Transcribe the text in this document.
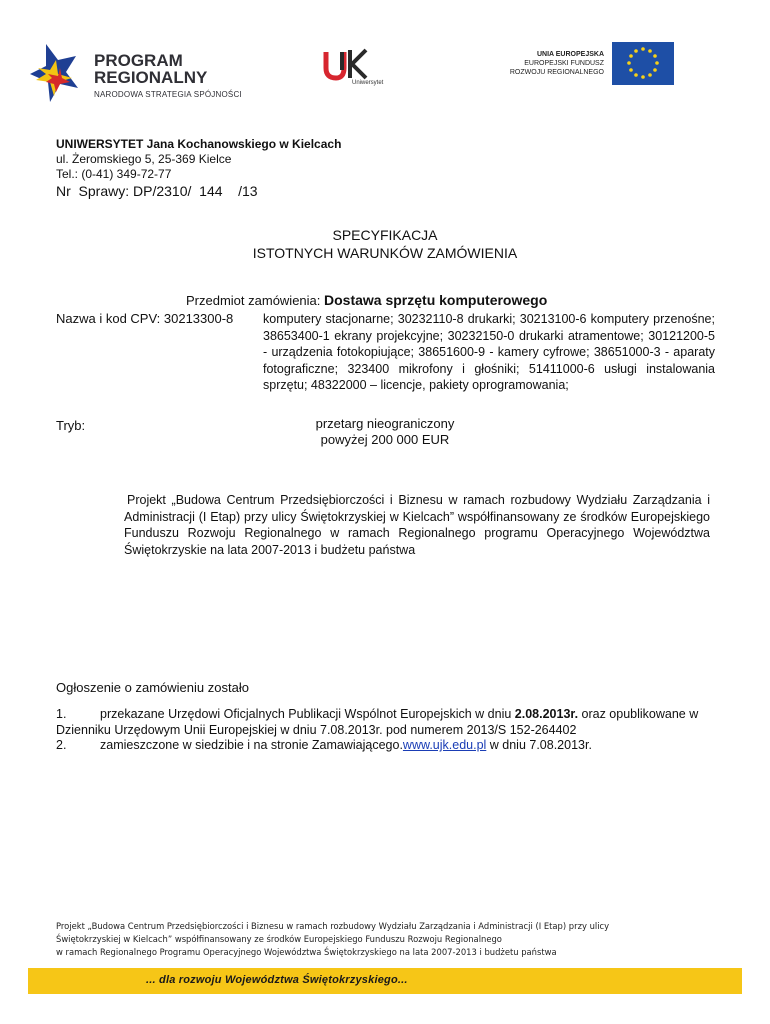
PROGRAM
REGIONALNY
NARODOWA STRATEGIA SPÓJNOŚCI
Uniwersytet
UNIA EUROPEJSKA
EUROPEJSKI FUNDUSZ
ROZWOJU REGIONALNEGO
UNIWERSYTET Jana Kochanowskiego w Kielcach
ul. Żeromskiego 5, 25-369 Kielce
Tel.: (0-41) 349-72-77
Nr  Sprawy: DP/2310/  144    /13
SPECYFIKACJA
ISTOTNYCH WARUNKÓW ZAMÓWIENIA
Przedmiot zamówienia: Dostawa sprzętu komputerowego
Nazwa i kod CPV: 30213300-8 komputery stacjonarne; 30232110-8 drukarki; 30213100-6 komputery przenośne; 38653400-1 ekrany projekcyjne; 30232150-0 drukarki atramentowe; 30121200-5 - urządzenia fotokopiujące; 38651600-9 - kamery cyfrowe; 38651000-3 - aparaty fotograficzne; 323400 mikrofony i głośniki; 51411000-6 usługi instalowania sprzętu; 48322000 – licencje, pakiety oprogramowania;
Tryb:	przetarg nieograniczony
powyżej 200 000 EUR
Projekt „Budowa Centrum Przedsiębiorczości i Biznesu w ramach rozbudowy Wydziału Zarządzania i Administracji (I Etap) przy ulicy Świętokrzyskiej w Kielcach” współfinansowany ze środków Europejskiego Funduszu Rozwoju Regionalnego w ramach Regionalnego programu Operacyjnego Województwa Świętokrzyskie na lata 2007-2013 i budżetu państwa
Ogłoszenie o zamówieniu zostało
1.	przekazane Urzędowi Oficjalnych Publikacji Wspólnot Europejskich w dniu 2.08.2013r. oraz opublikowane w Dzienniku Urzędowym Unii Europejskiej w dniu 7.08.2013r. pod numerem 2013/S 152-264402
2.	zamieszczone w siedzibie i na stronie Zamawiającego.www.ujk.edu.pl w dniu 7.08.2013r.
Projekt „Budowa Centrum Przedsiębiorczości i Biznesu w ramach rozbudowy Wydziału Zarządzania i Administracji (I Etap) przy ulicy
Świętokrzyskiej w Kielcach” współfinansowany ze środków Europejskiego Funduszu Rozwoju Regionalnego
w ramach Regionalnego Programu Operacyjnego Województwa Świętokrzyskiego na lata 2007-2013 i budżetu państwa
... dla rozwoju Województwa Świętokrzyskiego...
